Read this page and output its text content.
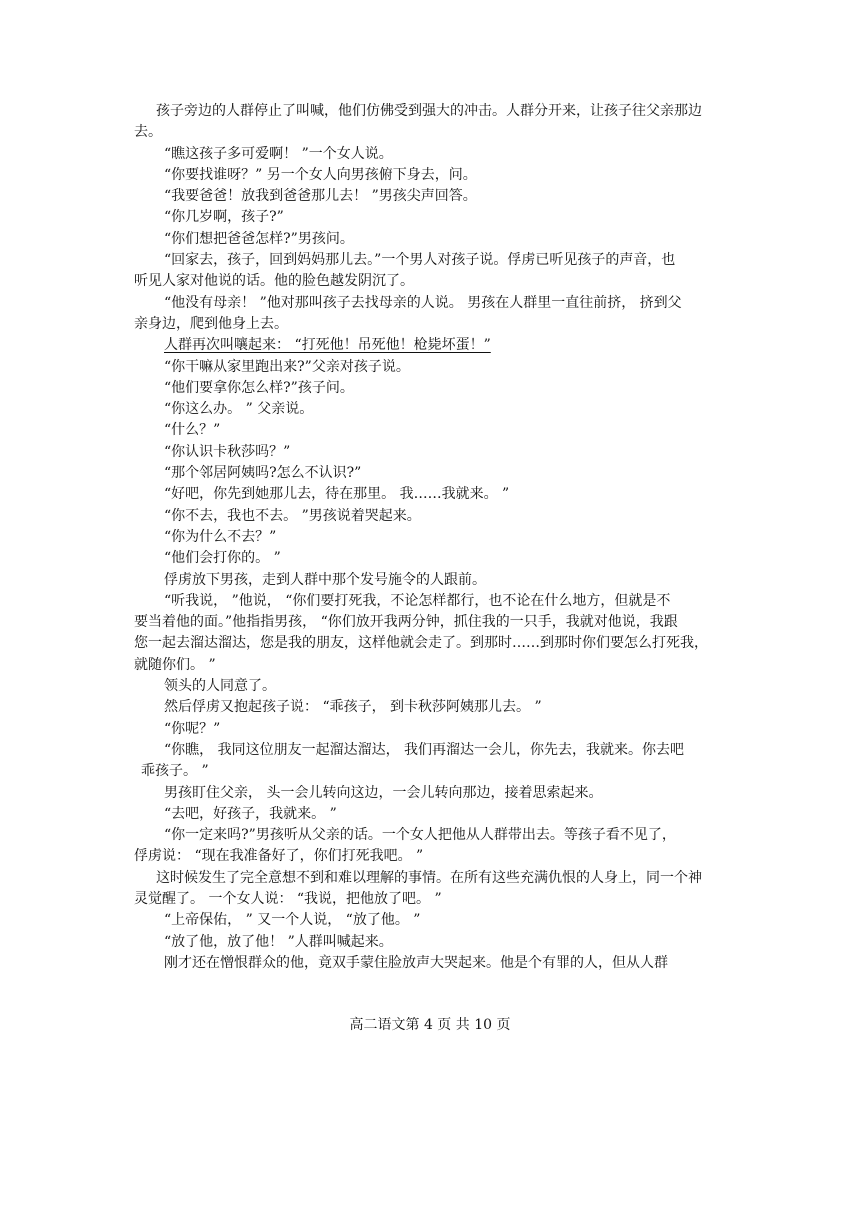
孩子旁边的人群停止了叫喊，他们仿佛受到强大的冲击。人群分开来，让孩子往父亲那边
去。
“瞧这孩子多可爱啊！ ”一个女人说。
“你要找谁呀？” 另一个女人向男孩俯下身去，问。
“我要爸爸！放我到爸爸那儿去！ ”男孩尖声回答。
“你几岁啊，孩子?”
“你们想把爸爸怎样?”男孩问。
“回家去，孩子，回到妈妈那儿去。”一个男人对孩子说。俘虏已听见孩子的声音，也
听见人家对他说的话。他的脸色越发阴沉了。
“他没有母亲！ ”他对那叫孩子去找母亲的人说。 男孩在人群里一直往前挤， 挤到父
亲身边，爬到他身上去。
人群再次叫嚷起来： “打死他！吊死他！枪毙坏蛋！”
“你干嘛从家里跑出来?”父亲对孩子说。
“他们要拿你怎么样?”孩子问。
“你这么办。 ” 父亲说。
“什么？”
“你认识卡秋莎吗？”
“那个邻居阿姨吗?怎么不认识?”
“好吧，你先到她那儿去，待在那里。 我……我就来。 ”
“你不去，我也不去。 ”男孩说着哭起来。
“你为什么不去？”
“他们会打你的。 ”
俘虏放下男孩，走到人群中那个发号施令的人跟前。
“听我说， ”他说， “你们要打死我，不论怎样都行，也不论在什么地方，但就是不
要当着他的面。”他指指男孩， “你们放开我两分钟，抓住我的一只手，我就对他说，我跟
您一起去溜达溜达，您是我的朋友，这样他就会走了。到那时……到那时你们要怎么打死我，
就随你们。 ”
领头的人同意了。
然后俘虏又抱起孩子说： “乖孩子， 到卡秋莎阿姨那儿去。 ”
“你呢？”
“你瞧， 我同这位朋友一起溜达溜达， 我们再溜达一会儿，你先去，我就来。你去吧
乖孩子。 ”
男孩盯住父亲， 头一会儿转向这边，一会儿转向那边，接着思索起来。
“去吧，好孩子，我就来。 ”
“你一定来吗?”男孩听从父亲的话。一个女人把他从人群带出去。等孩子看不见了，
俘虏说： “现在我准备好了，你们打死我吧。 ”
这时候发生了完全意想不到和难以理解的事情。在所有这些充满仇恨的人身上，同一个神
灵觉醒了。 一个女人说： “我说，把他放了吧。 ”
“上帝保佑， ” 又一个人说， “放了他。 ”
“放了他，放了他！ ”人群叫喊起来。
刚才还在憎恨群众的他，竟双手蒙住脸放声大哭起来。他是个有罪的人，但从人群
高二语文第 4 页 共 10 页
